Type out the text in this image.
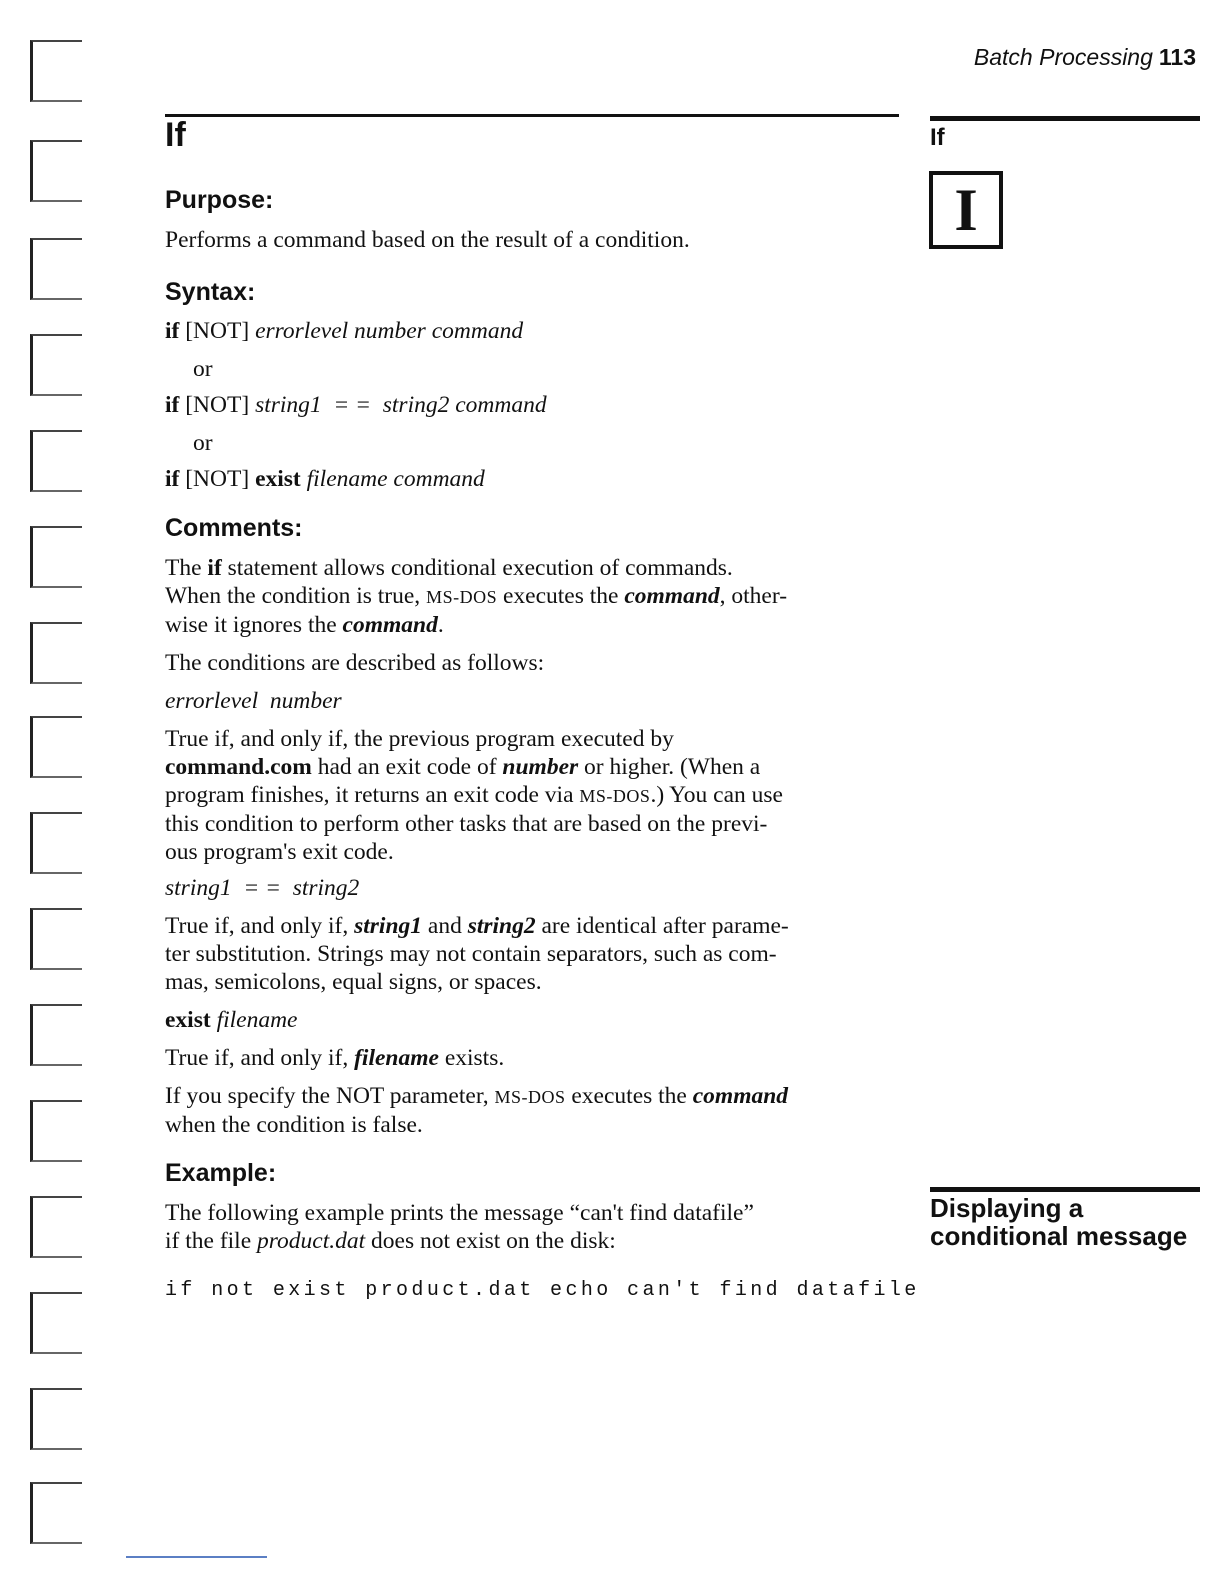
Batch Processing 113
If	If
I
Purpose:

Performs a command based on the result of a condition.

Syntax:

if [NOT] errorlevel number command

or

if [NOT] string1  = =  string2 command

or

if [NOT] exist filename command

Comments:

The if statement allows conditional execution of commands.
When the condition is true, MS-DOS executes the command, other-
wise it ignores the command.

The conditions are described as follows:

errorlevel  number

True if, and only if, the previous program executed by
command.com had an exit code of number or higher. (When a
program finishes, it returns an exit code via MS-DOS.) You can use
this condition to perform other tasks that are based on the previ-
ous program's exit code.

string1  = =  string2

True if, and only if, string1 and string2 are identical after parame-
ter substitution. Strings may not contain separators, such as com-
mas, semicolons, equal signs, or spaces.

exist filename

True if, and only if, filename exists.

If you specify the NOT parameter, MS-DOS executes the command
when the condition is false.

Example:

The following example prints the message “can't find datafile”
if the file product.dat does not exist on the disk:

if not exist product.dat echo can't find datafile

Displaying a conditional message
